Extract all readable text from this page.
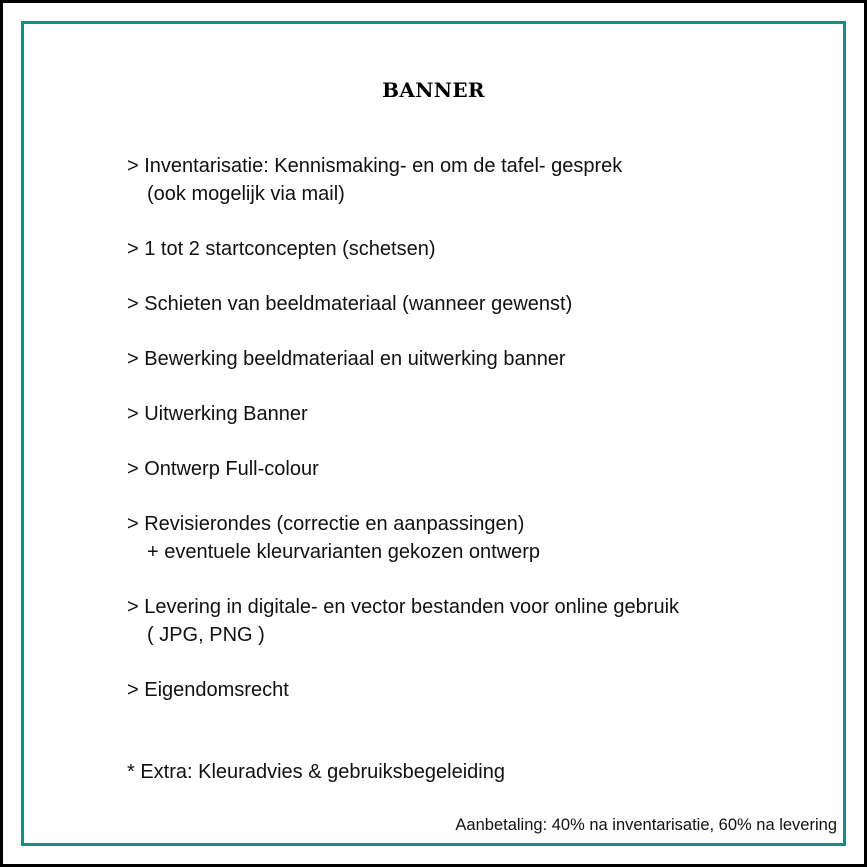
BANNER
> Inventarisatie: Kennismaking- en om de tafel- gesprek
(ook mogelijk via mail)
> 1 tot 2 startconcepten (schetsen)
> Schieten van beeldmateriaal (wanneer gewenst)
> Bewerking beeldmateriaal en uitwerking banner
> Uitwerking Banner
> Ontwerp Full-colour
> Revisierondes (correctie en aanpassingen)
+ eventuele kleurvarianten gekozen ontwerp
> Levering in digitale- en vector bestanden voor online gebruik
( JPG, PNG )
> Eigendomsrecht
* Extra: Kleuradvies & gebruiksbegeleiding
Aanbetaling: 40% na inventarisatie, 60% na levering
